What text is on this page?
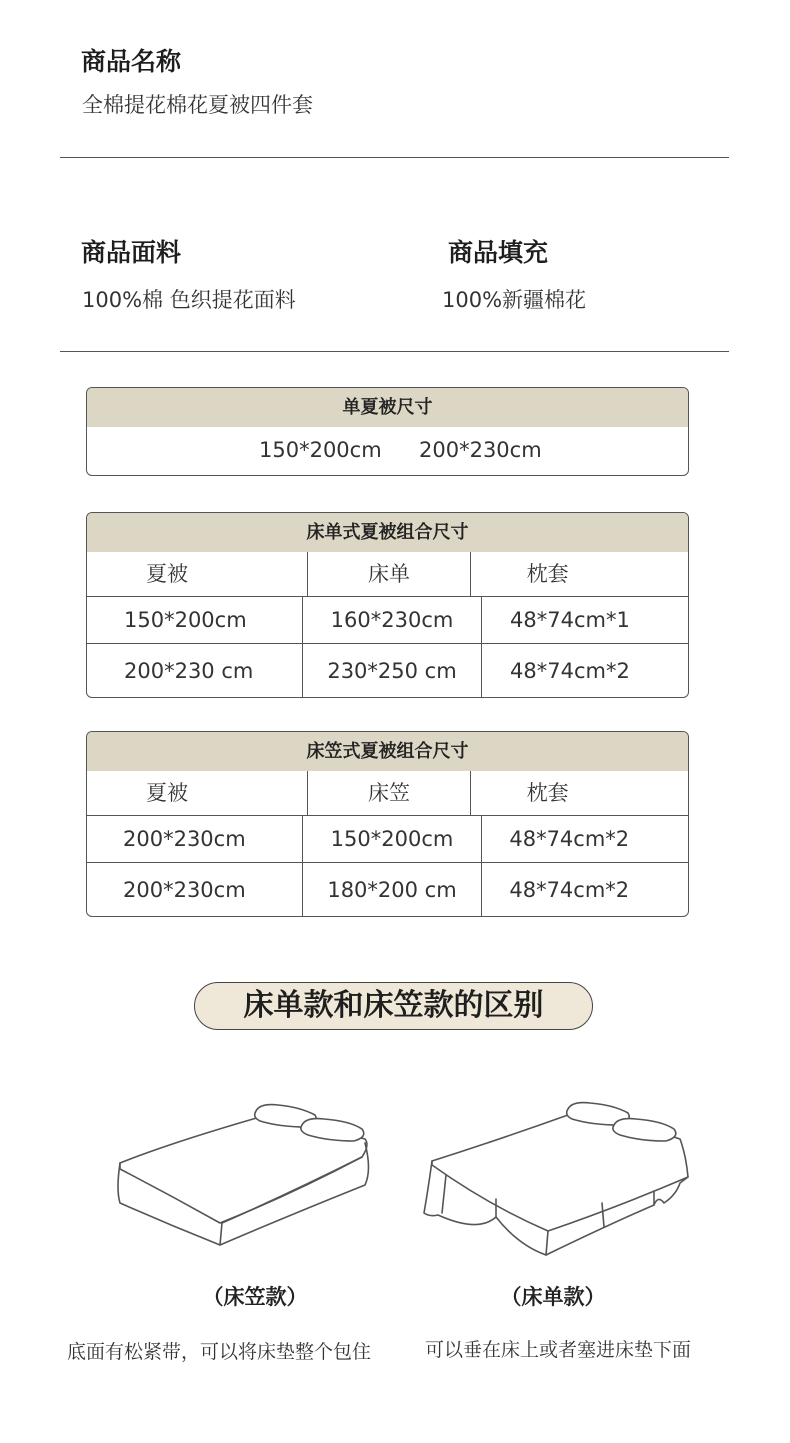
商品名称
全棉提花棉花夏被四件套
商品面料
100%棉 色织提花面料
商品填充
100%新疆棉花
单夏被尺寸
150*200cm 200*230cm
床单式夏被组合尺寸
夏被	床单	枕套
150*200cm	160*230cm	48*74cm*1
200*230 cm	230*250 cm	48*74cm*2
床笠式夏被组合尺寸
夏被	床笠	枕套
200*230cm	150*200cm	48*74cm*2
200*230cm	180*200 cm	48*74cm*2
床单款和床笠款的区别
（床笠款）	（床单款）
底面有松紧带，可以将床垫整个包住	可以垂在床上或者塞进床垫下面
